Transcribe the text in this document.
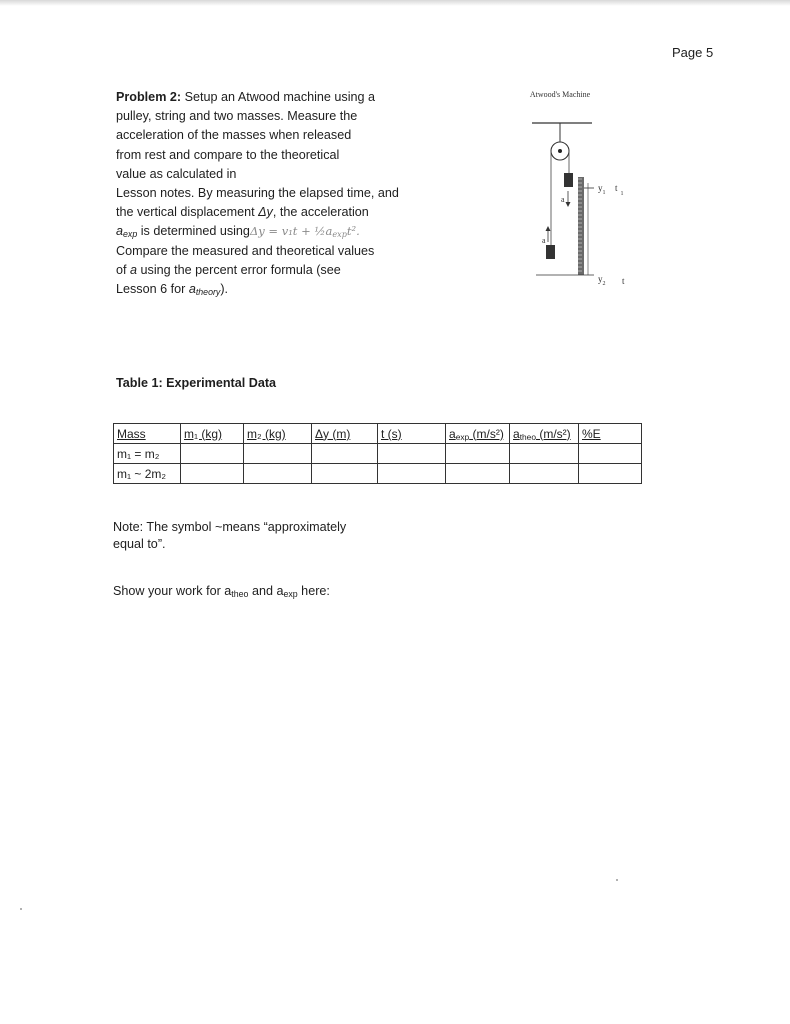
Page 5
Problem 2: Setup an Atwood machine using a
pulley, string and two masses. Measure the
acceleration of the masses when released
from rest and compare to the theoretical
value as calculated in
Lesson notes. By measuring the elapsed time, and
the vertical displacement Δy, the acceleration
$a_{exp}$ is determined $using\Delta y = v_1t + \frac{1}{2}a_{exp}t^2$.
Compare the measured and theoretical values
of a using the percent error formula (see
Lesson 6 for $a_{theory}$).
Atwood's Machine
a
a
$y_1$ $t_1$
$y_2$ t
Table 1: Experimental Data
Mass	m₁ (kg)	m₂ (kg)	Δy (m)	t (s)	$a_{exp}$ (m/s²)	$a_{theo}$ (m/s²)	%E
m₁ = m₂							
m₁ ~ 2m₂							
Note: The symbol ~means “approximately
equal to”.
Show your work for $a_{theo}$ and $a_{exp}$ here:
